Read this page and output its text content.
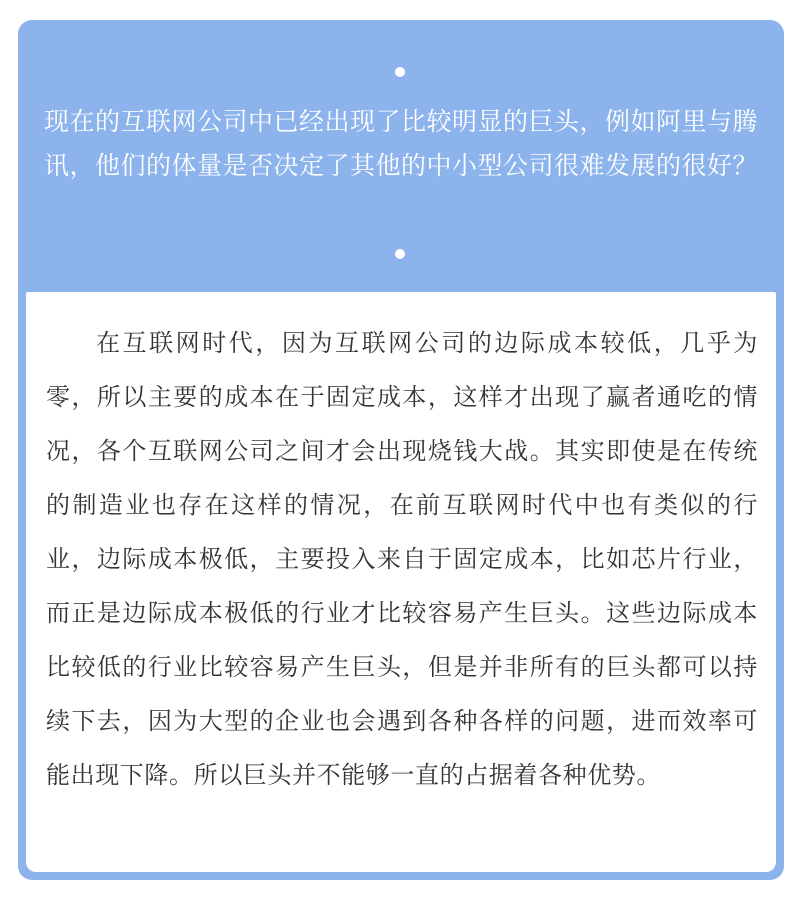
现在的互联网公司中已经出现了比较明显的巨头，例如阿里与腾讯，他们的体量是否决定了其他的中小型公司很难发展的很好？

在互联网时代，因为互联网公司的边际成本较低，几乎为零，所以主要的成本在于固定成本，这样才出现了赢者通吃的情况，各个互联网公司之间才会出现烧钱大战。其实即使是在传统的制造业也存在这样的情况，在前互联网时代中也有类似的行业，边际成本极低，主要投入来自于固定成本，比如芯片行业，而正是边际成本极低的行业才比较容易产生巨头。这些边际成本比较低的行业比较容易产生巨头，但是并非所有的巨头都可以持续下去，因为大型的企业也会遇到各种各样的问题，进而效率可能出现下降。所以巨头并不能够一直的占据着各种优势。
